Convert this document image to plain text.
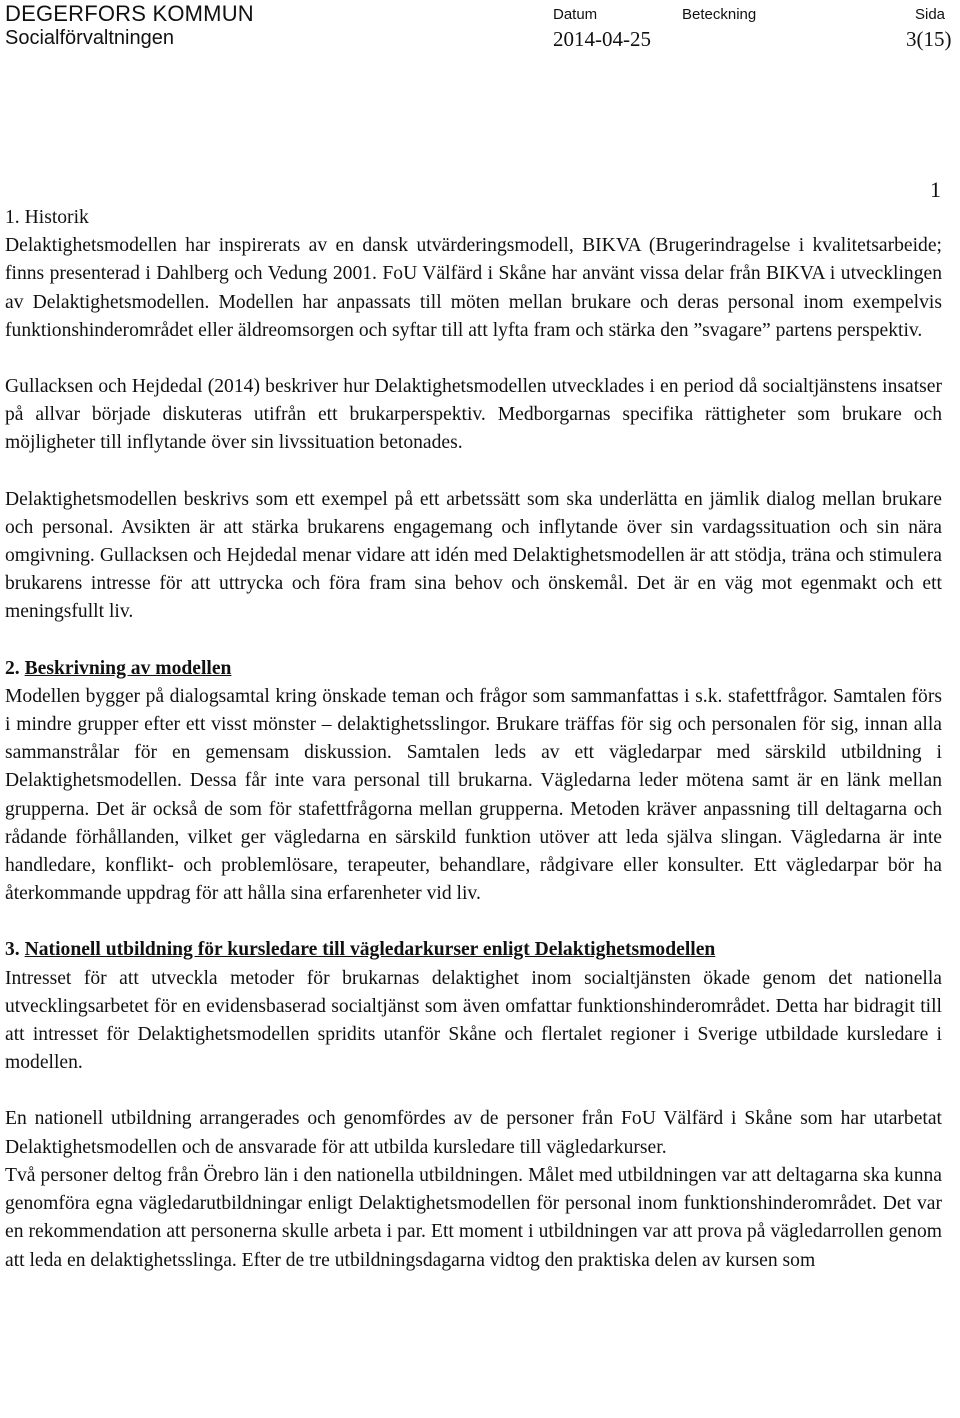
DEGERFORS KOMMUN
Socialförvaltningen
Datum
2014-04-25
Beteckning	Sida
3(15)
1
1. Historik

Delaktighetsmodellen har inspirerats av en dansk utvärderingsmodell, BIKVA (Brugerindragelse i kvalitetsarbeide; finns presenterad i Dahlberg och Vedung 2001. FoU Välfärd i Skåne har använt vissa delar från BIKVA i utvecklingen av Delaktighetsmodellen. Modellen har anpassats till möten mellan brukare och deras personal inom exempelvis funktionshinderområdet eller äldreomsorgen och syftar till att lyfta fram och stärka den ”svagare” partens perspektiv.

Gullacksen och Hejdedal (2014) beskriver hur Delaktighetsmodellen utvecklades i en period då socialtjänstens insatser på allvar började diskuteras utifrån ett brukarperspektiv. Medborgarnas specifika rättigheter som brukare och möjligheter till inflytande över sin livssituation betonades.

Delaktighetsmodellen beskrivs som ett exempel på ett arbetssätt som ska underlätta en jämlik dialog mellan brukare och personal. Avsikten är att stärka brukarens engagemang och inflytande över sin vardagssituation och sin nära omgivning. Gullacksen och Hejdedal menar vidare att idén med Delaktighetsmodellen är att stödja, träna och stimulera brukarens intresse för att uttrycka och föra fram sina behov och önskemål. Det är en väg mot egenmakt och ett meningsfullt liv.

2. Beskrivning av modellen

Modellen bygger på dialogsamtal kring önskade teman och frågor som sammanfattas i s.k. stafettfrågor. Samtalen förs i mindre grupper efter ett visst mönster – delaktighetsslingor. Brukare träffas för sig och personalen för sig, innan alla sammanstrålar för en gemensam diskussion. Samtalen leds av ett vägledarpar med särskild utbildning i Delaktighetsmodellen. Dessa får inte vara personal till brukarna. Vägledarna leder mötena samt är en länk mellan grupperna. Det är också de som för stafettfrågorna mellan grupperna. Metoden kräver anpassning till deltagarna och rådande förhållanden, vilket ger vägledarna en särskild funktion utöver att leda själva slingan. Vägledarna är inte handledare, konflikt- och problemlösare, terapeuter, behandlare, rådgivare eller konsulter. Ett vägledarpar bör ha återkommande uppdrag för att hålla sina erfarenheter vid liv.

3. Nationell utbildning för kursledare till vägledarkurser enligt Delaktighetsmodellen

Intresset för att utveckla metoder för brukarnas delaktighet inom socialtjänsten ökade genom det nationella utvecklingsarbetet för en evidensbaserad socialtjänst som även omfattar funktionshinderområdet. Detta har bidragit till att intresset för Delaktighetsmodellen spridits utanför Skåne och flertalet regioner i Sverige utbildade kursledare i modellen.

En nationell utbildning arrangerades och genomfördes av de personer från FoU Välfärd i Skåne som har utarbetat Delaktighetsmodellen och de ansvarade för att utbilda kursledare till vägledarkurser.

Två personer deltog från Örebro län i den nationella utbildningen. Målet med utbildningen var att deltagarna ska kunna genomföra egna vägledarutbildningar enligt Delaktighetsmodellen för personal inom funktionshinderområdet. Det var en rekommendation att personerna skulle arbeta i par. Ett moment i utbildningen var att prova på vägledarrollen genom att leda en delaktighetsslinga. Efter de tre utbildningsdagarna vidtog den praktiska delen av kursen som
